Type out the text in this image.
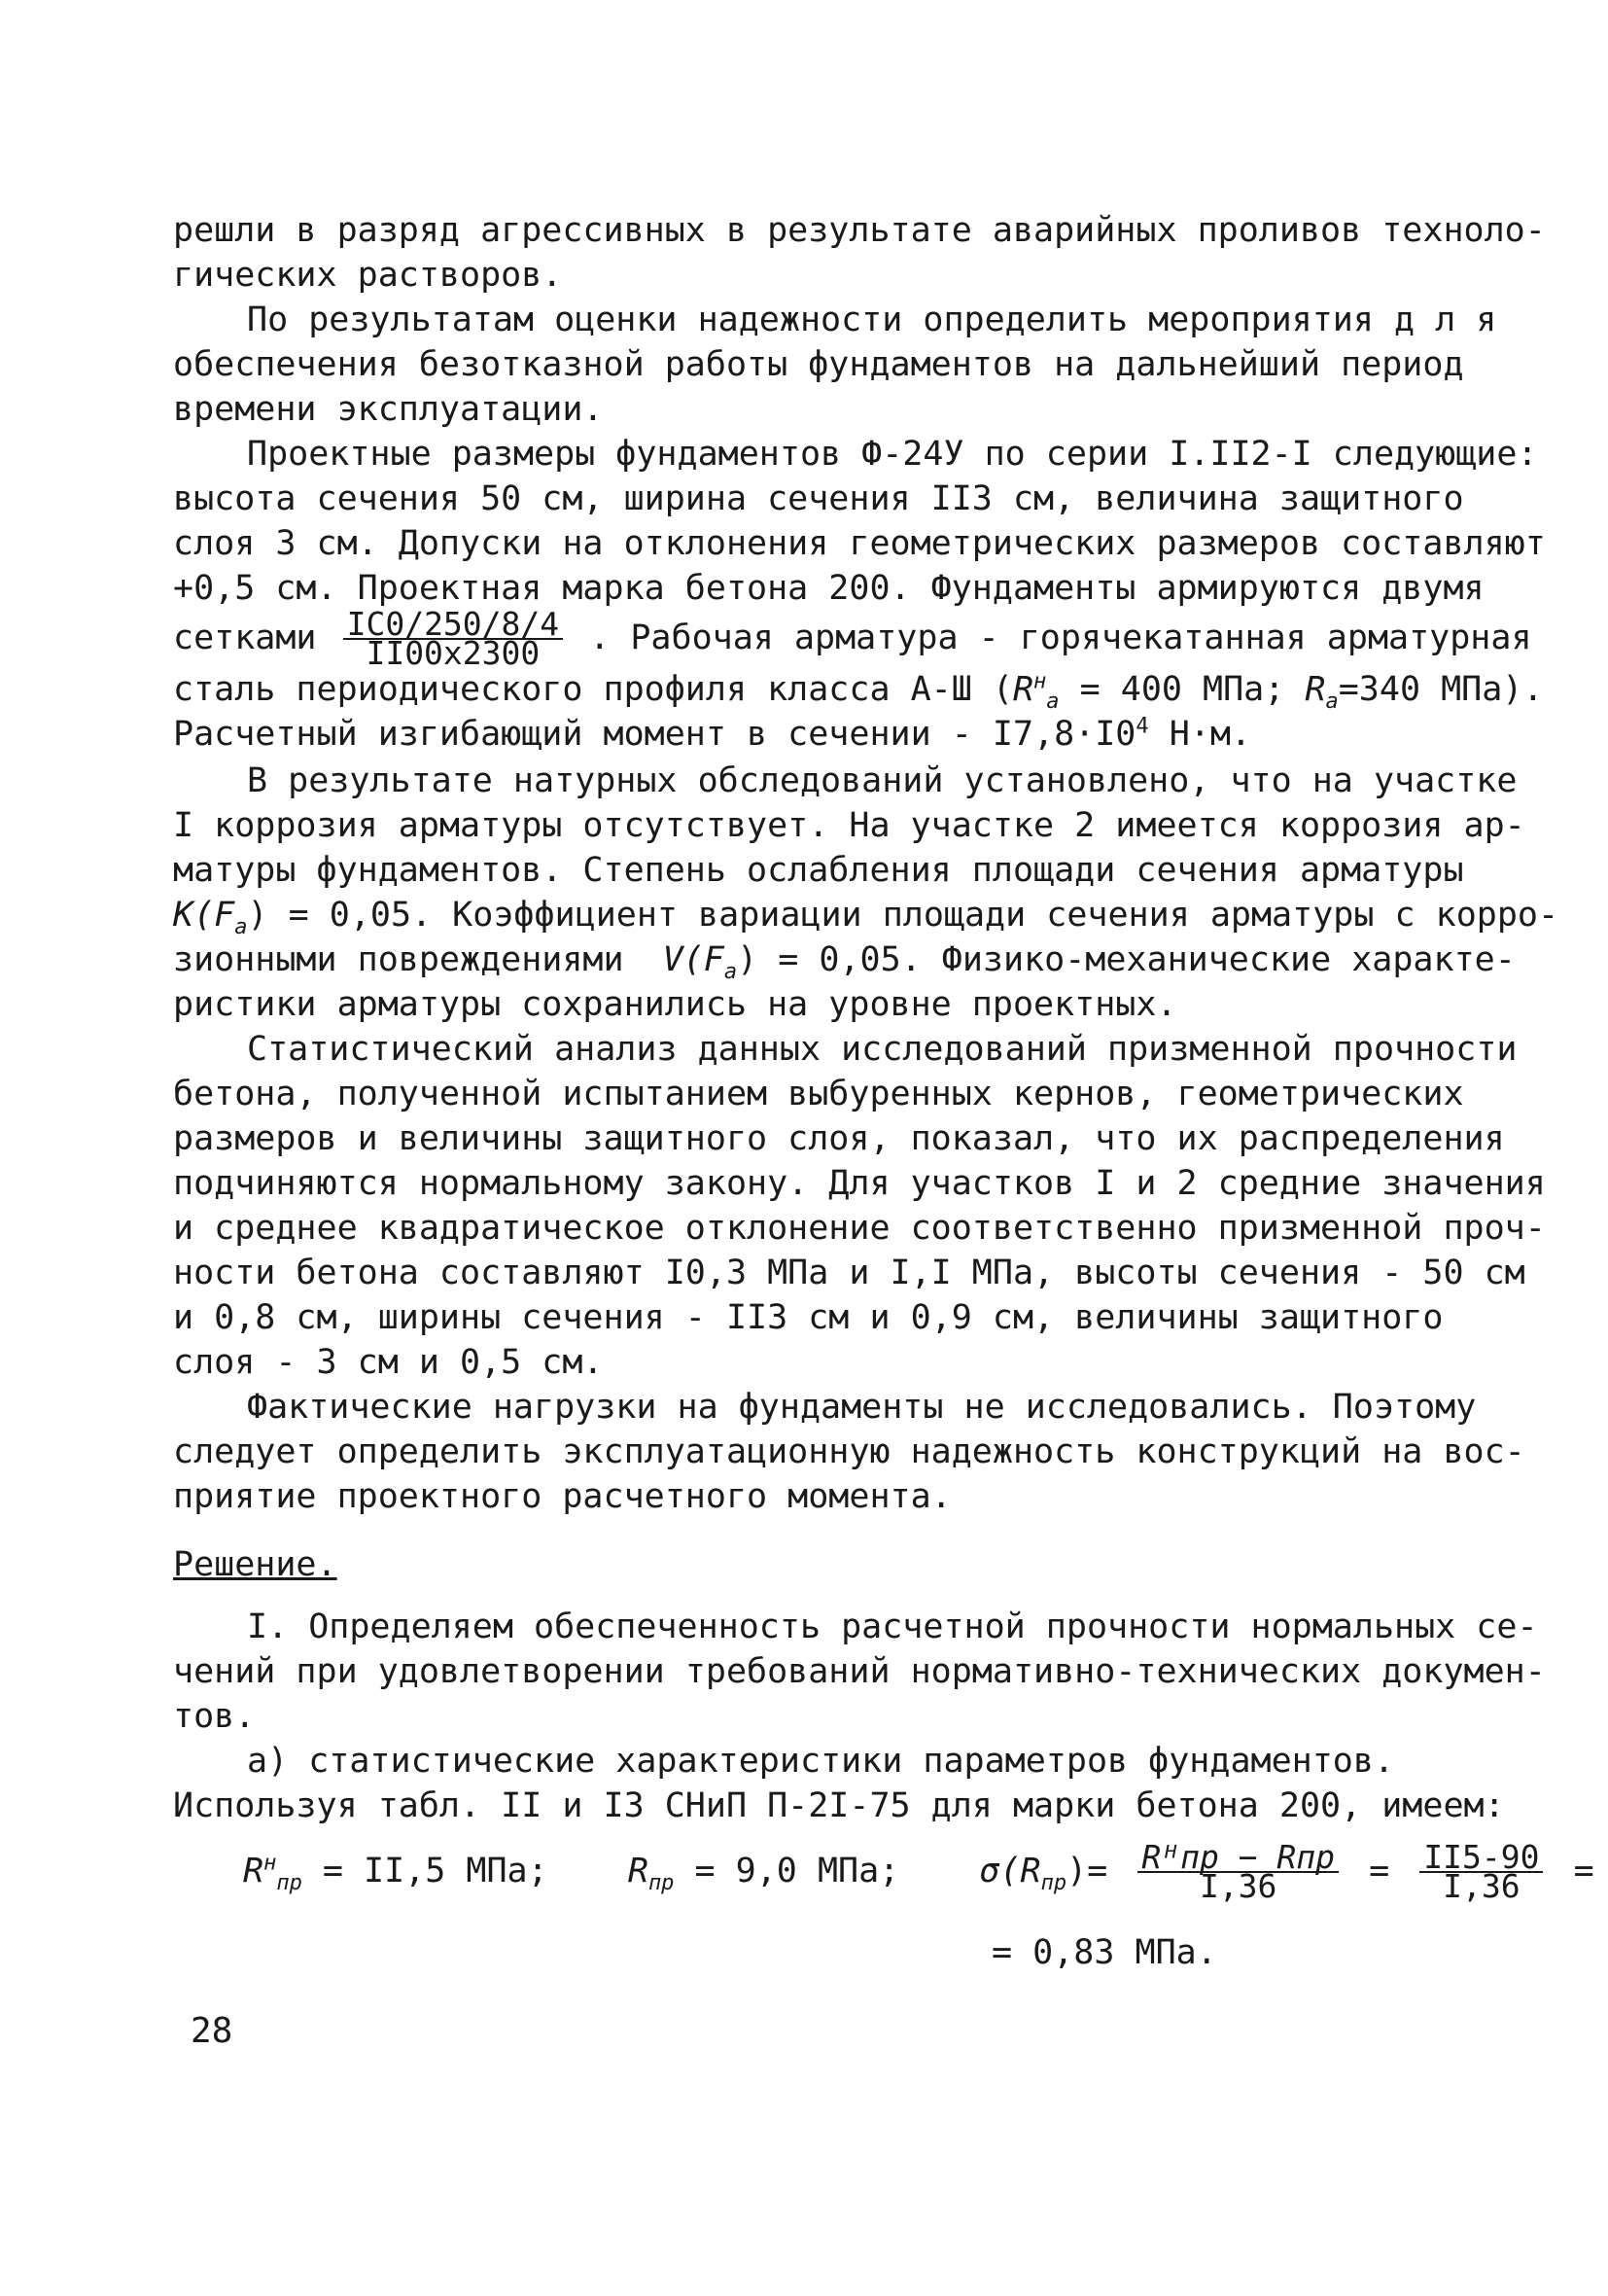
решли в разряд агрессивных в результате аварийных проливов техноло-
гических растворов.
По результатам оценки надежности определить мероприятия д л я
обеспечения безотказной работы фундаментов на дальнейший период
времени эксплуатации.
Проектные размеры фундаментов Ф-24У по серии I.II2-I следующие:
высота сечения 50 см, ширина сечения II3 см, величина защитного
слоя 3 см. Допуски на отклонения геометрических размеров составляют
+0,5 см. Проектная марка бетона 200. Фундаменты армируются двумя
сетками $\frac{IC0/250/8/4}{II00x2300}$ . Рабочая арматура - горячекатанная арматурная
сталь периодического профиля класса А-Ш ($R^н_a = 400$ МПа; $R_a=340$ МПа).
Расчетный изгибающий момент в сечении - $I7,8\cdot I0^4$ Н·м.
В результате натурных обследований установлено, что на участке
I коррозия арматуры отсутствует. На участке 2 имеется коррозия ар-
матуры фундаментов. Степень ослабления площади сечения арматуры
$K(F_a) = 0,05$. Коэффициент вариации площади сечения арматуры с корро-
зионными повреждениями $V(F_a) = 0,05$. Физико-механические характе-
ристики арматуры сохранились на уровне проектных.
Статистический анализ данных исследований призменной прочности
бетона, полученной испытанием выбуренных кернов, геометрических
размеров и величины защитного слоя, показал, что их распределения
подчиняются нормальному закону. Для участков I и 2 средние значения
и среднее квадратическое отклонение соответственно призменной проч-
ности бетона составляют I0,3 МПа и I,I МПа, высоты сечения - 50 см
и 0,8 см, ширины сечения - II3 см и 0,9 см, величины защитного
слоя - 3 см и 0,5 см.
Фактические нагрузки на фундаменты не исследовались. Поэтому
следует определить эксплуатационную надежность конструкций на вос-
приятие проектного расчетного момента.

Решение.

I. Определяем обеспеченность расчетной прочности нормальных се-
чений при удовлетворении требований нормативно-технических докумен-
тов.
а) статистические характеристики параметров фундаментов.
Используя табл. II и I3 СНиП П-2I-75 для марки бетона 200, имеем:

$R^н_{пр} = II,5$ МПа; $R_{пр} = 9,0$ МПа; $\sigma(R_{пр})= \frac{\text{Rᴴпр − Rпр}}{I,36} = \frac{II5-90}{I,36}$ =

= 0,83 МПа.

28
